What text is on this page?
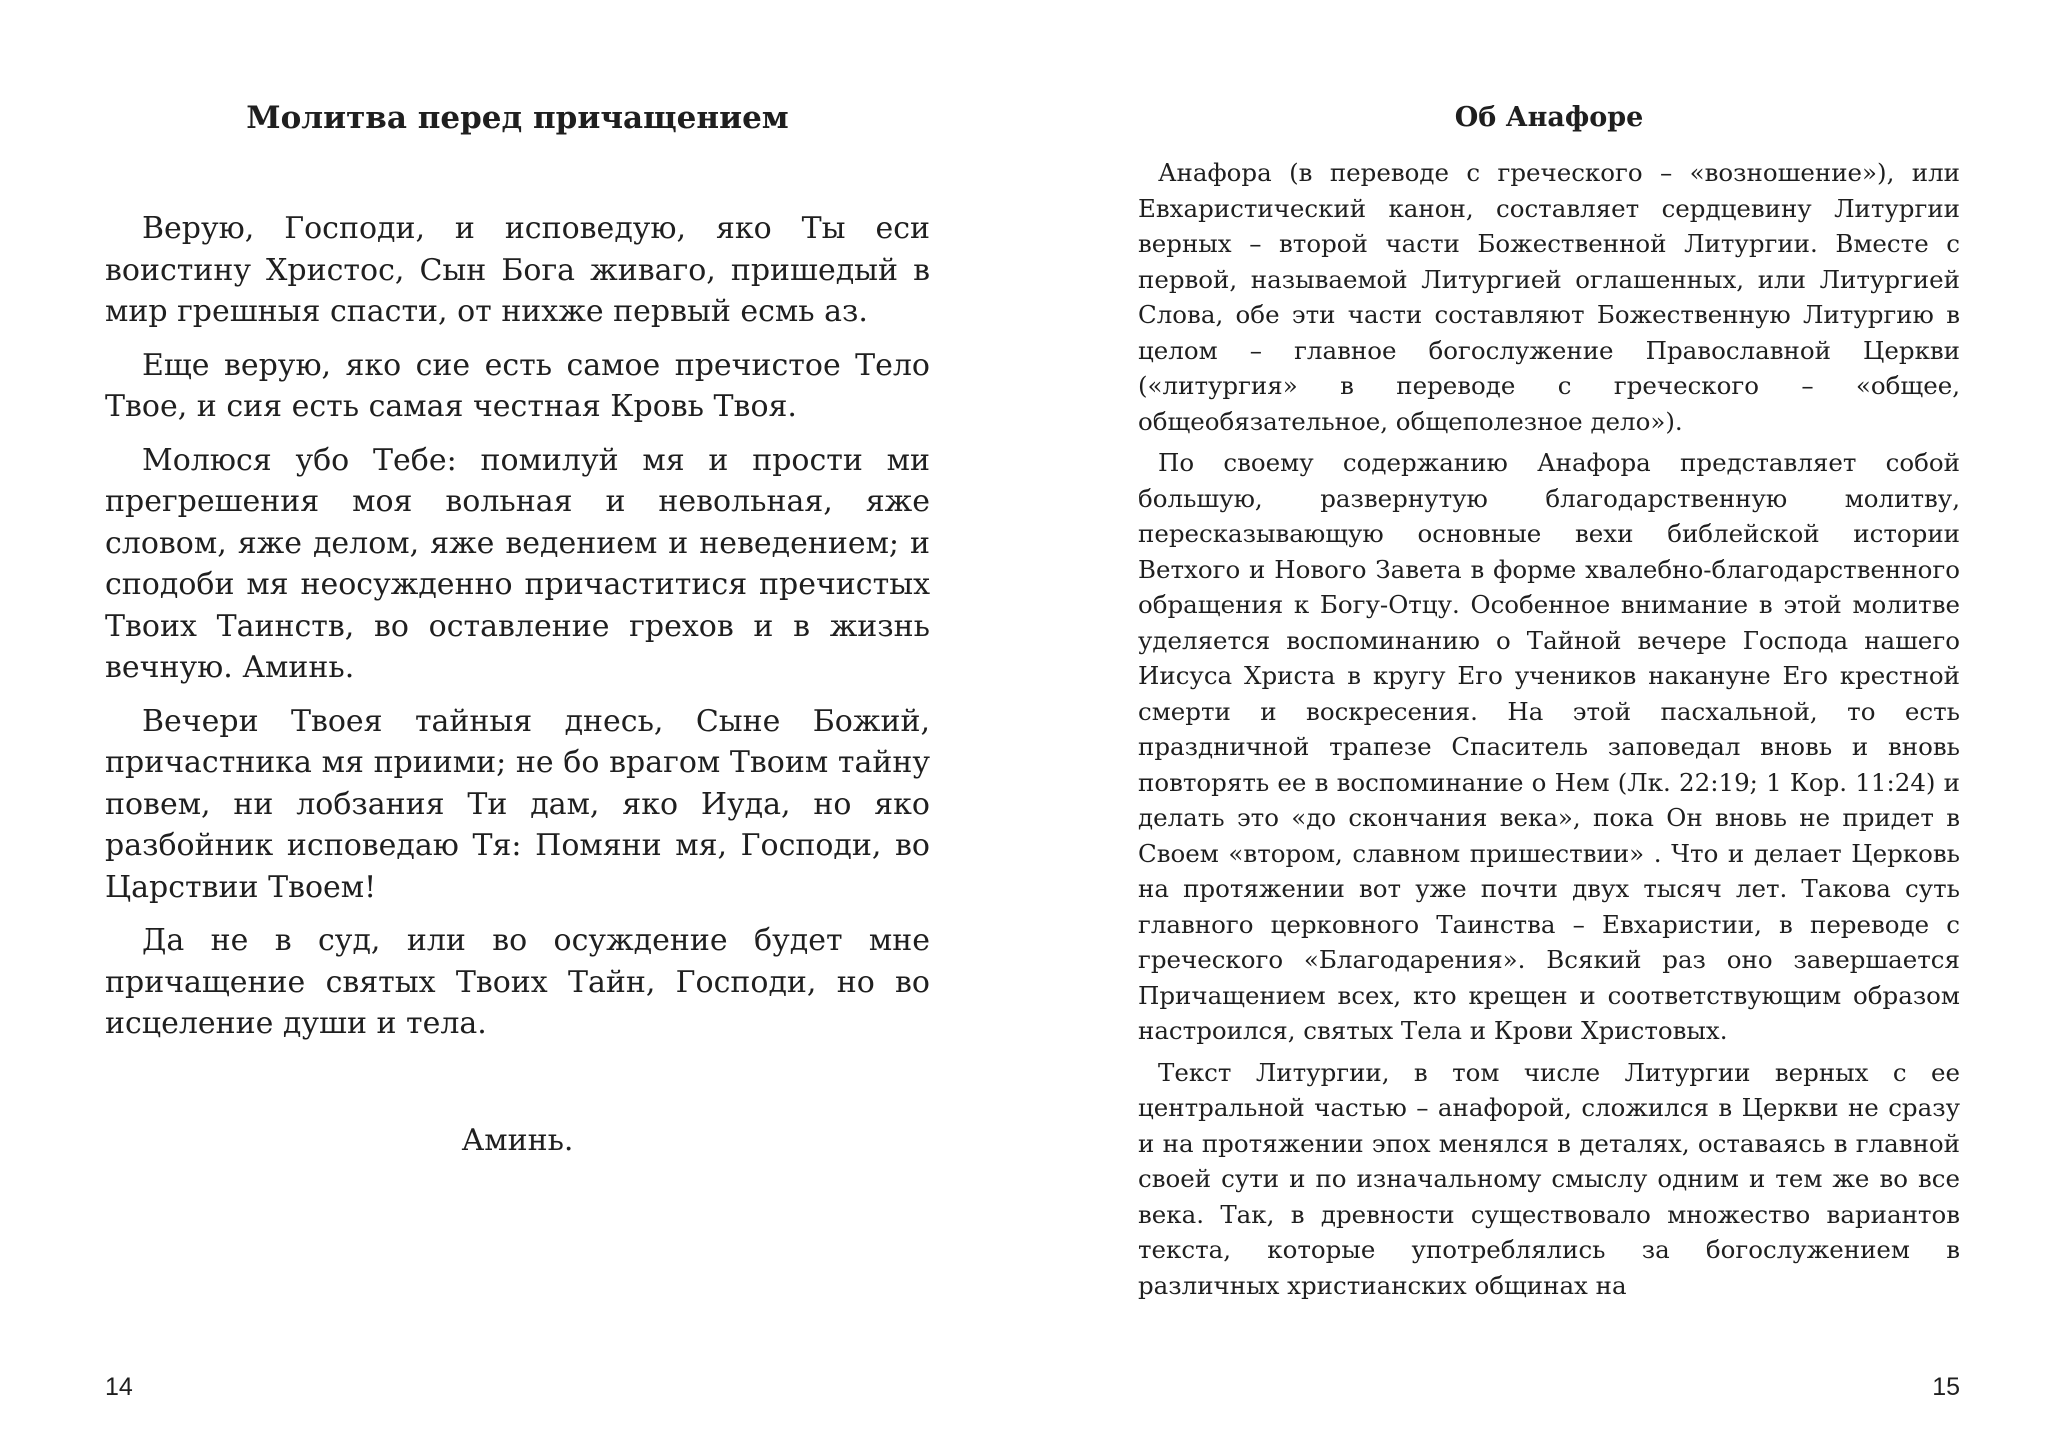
Молитва перед причащением

Верую, Господи, и исповедую, яко Ты еси воистину Христос, Сын Бога живаго, пришедый в мир грешныя спасти, от нихже первый есмь аз.

Еще верую, яко сие есть самое пречистое Тело Твое, и сия есть самая честная Кровь Твоя.

Молюся убо Тебе: помилуй мя и прости ми прегрешения моя вольная и невольная, яже словом, яже делом, яже ведением и неведением; и сподоби мя неосужденно причаститися пречистых Твоих Таинств, во оставление грехов и в жизнь вечную. Аминь.

Вечери Твоея тайныя днесь, Сыне Божий, причастника мя приими; не бо врагом Твоим тайну повем, ни лобзания Ти дам, яко Иуда, но яко разбойник исповедаю Тя: Помяни мя, Господи, во Царствии Твоем!

Да не в суд, или во осуждение будет мне причащение святых Твоих Тайн, Господи, но во исцеление души и тела.

Аминь.

14

Об Анафоре

Анафора (в переводе с греческого – «возношение»), или Евхаристический канон, составляет сердцевину Литургии верных – второй части Божественной Литургии. Вместе с первой, называемой Литургией оглашенных, или Литургией Слова, обе эти части составляют Божественную Литургию в целом – главное богослужение Православной Церкви («литургия» в переводе с греческого – «общее, общеобязательное, общеполезное дело»).

По своему содержанию Анафора представляет собой большую, развернутую благодарственную молитву, пересказывающую основные вехи библейской истории Ветхого и Нового Завета в форме хвалебно-благодарственного обращения к Богу-Отцу. Особенное внимание в этой молитве уделяется воспоминанию о Тайной вечере Господа нашего Иисуса Христа в кругу Его учеников накануне Его крестной смерти и воскресения. На этой пасхальной, то есть праздничной трапезе Спаситель заповедал вновь и вновь повторять ее в воспоминание о Нем (Лк. 22:19; 1 Кор. 11:24) и делать это «до скончания века», пока Он вновь не придет в Своем «втором, славном пришествии» . Что и делает Церковь на протяжении вот уже почти двух тысяч лет. Такова суть главного церковного Таинства – Евхаристии, в переводе с греческого «Благодарения». Всякий раз оно завершается Причащением всех, кто крещен и соответствующим образом настроился, святых Тела и Крови Христовых.

Текст Литургии, в том числе Литургии верных с ее центральной частью – анафорой, сложился в Церкви не сразу и на протяжении эпох менялся в деталях, оставаясь в главной своей сути и по изначальному смыслу одним и тем же во все века. Так, в древности существовало множество вариантов текста, которые употреблялись за богослужением в различных христианских общинах на

15
